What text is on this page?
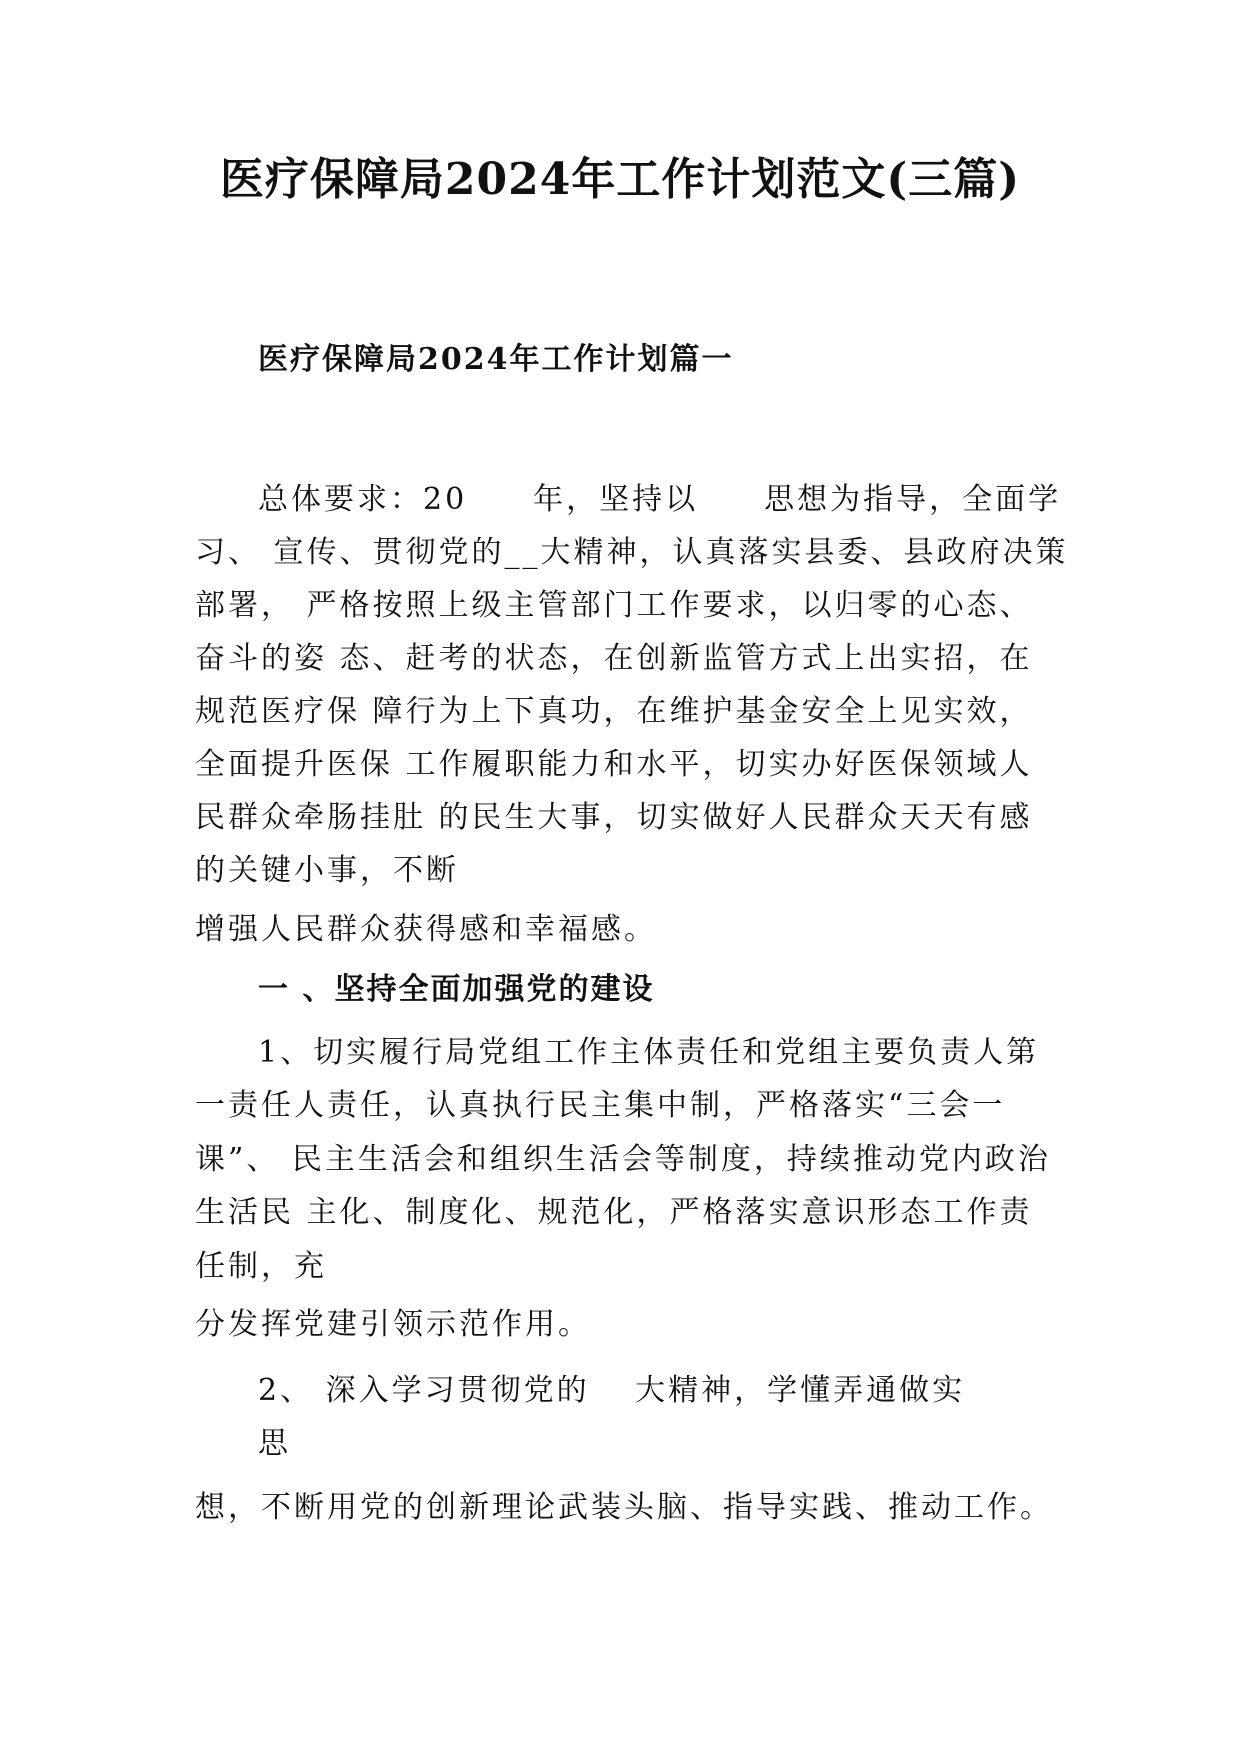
医疗保障局2024年工作计划范文(三篇)
医疗保障局2024年工作计划篇一
总体要求：20　　年，坚持以　　思想为指导，全面学
习、 宣传、贯彻党的__大精神，认真落实县委、县政府决策
部署， 严格按照上级主管部门工作要求，以归零的心态、
奋斗的姿 态、赶考的状态，在创新监管方式上出实招，在
规范医疗保 障行为上下真功，在维护基金安全上见实效，
全面提升医保 工作履职能力和水平，切实办好医保领域人
民群众牵肠挂肚 的民生大事，切实做好人民群众天天有感
的关键小事，不断
增强人民群众获得感和幸福感。
一 、坚持全面加强党的建设
1、切实履行局党组工作主体责任和党组主要负责人第
一责任人责任，认真执行民主集中制，严格落实“三会一
课”、 民主生活会和组织生活会等制度，持续推动党内政治
生活民 主化、制度化、规范化，严格落实意识形态工作责
任制，充
分发挥党建引领示范作用。
2、 深入学习贯彻党的　 大精神，学懂弄通做实
思
想，不断用党的创新理论武装头脑、指导实践、推动工作。
